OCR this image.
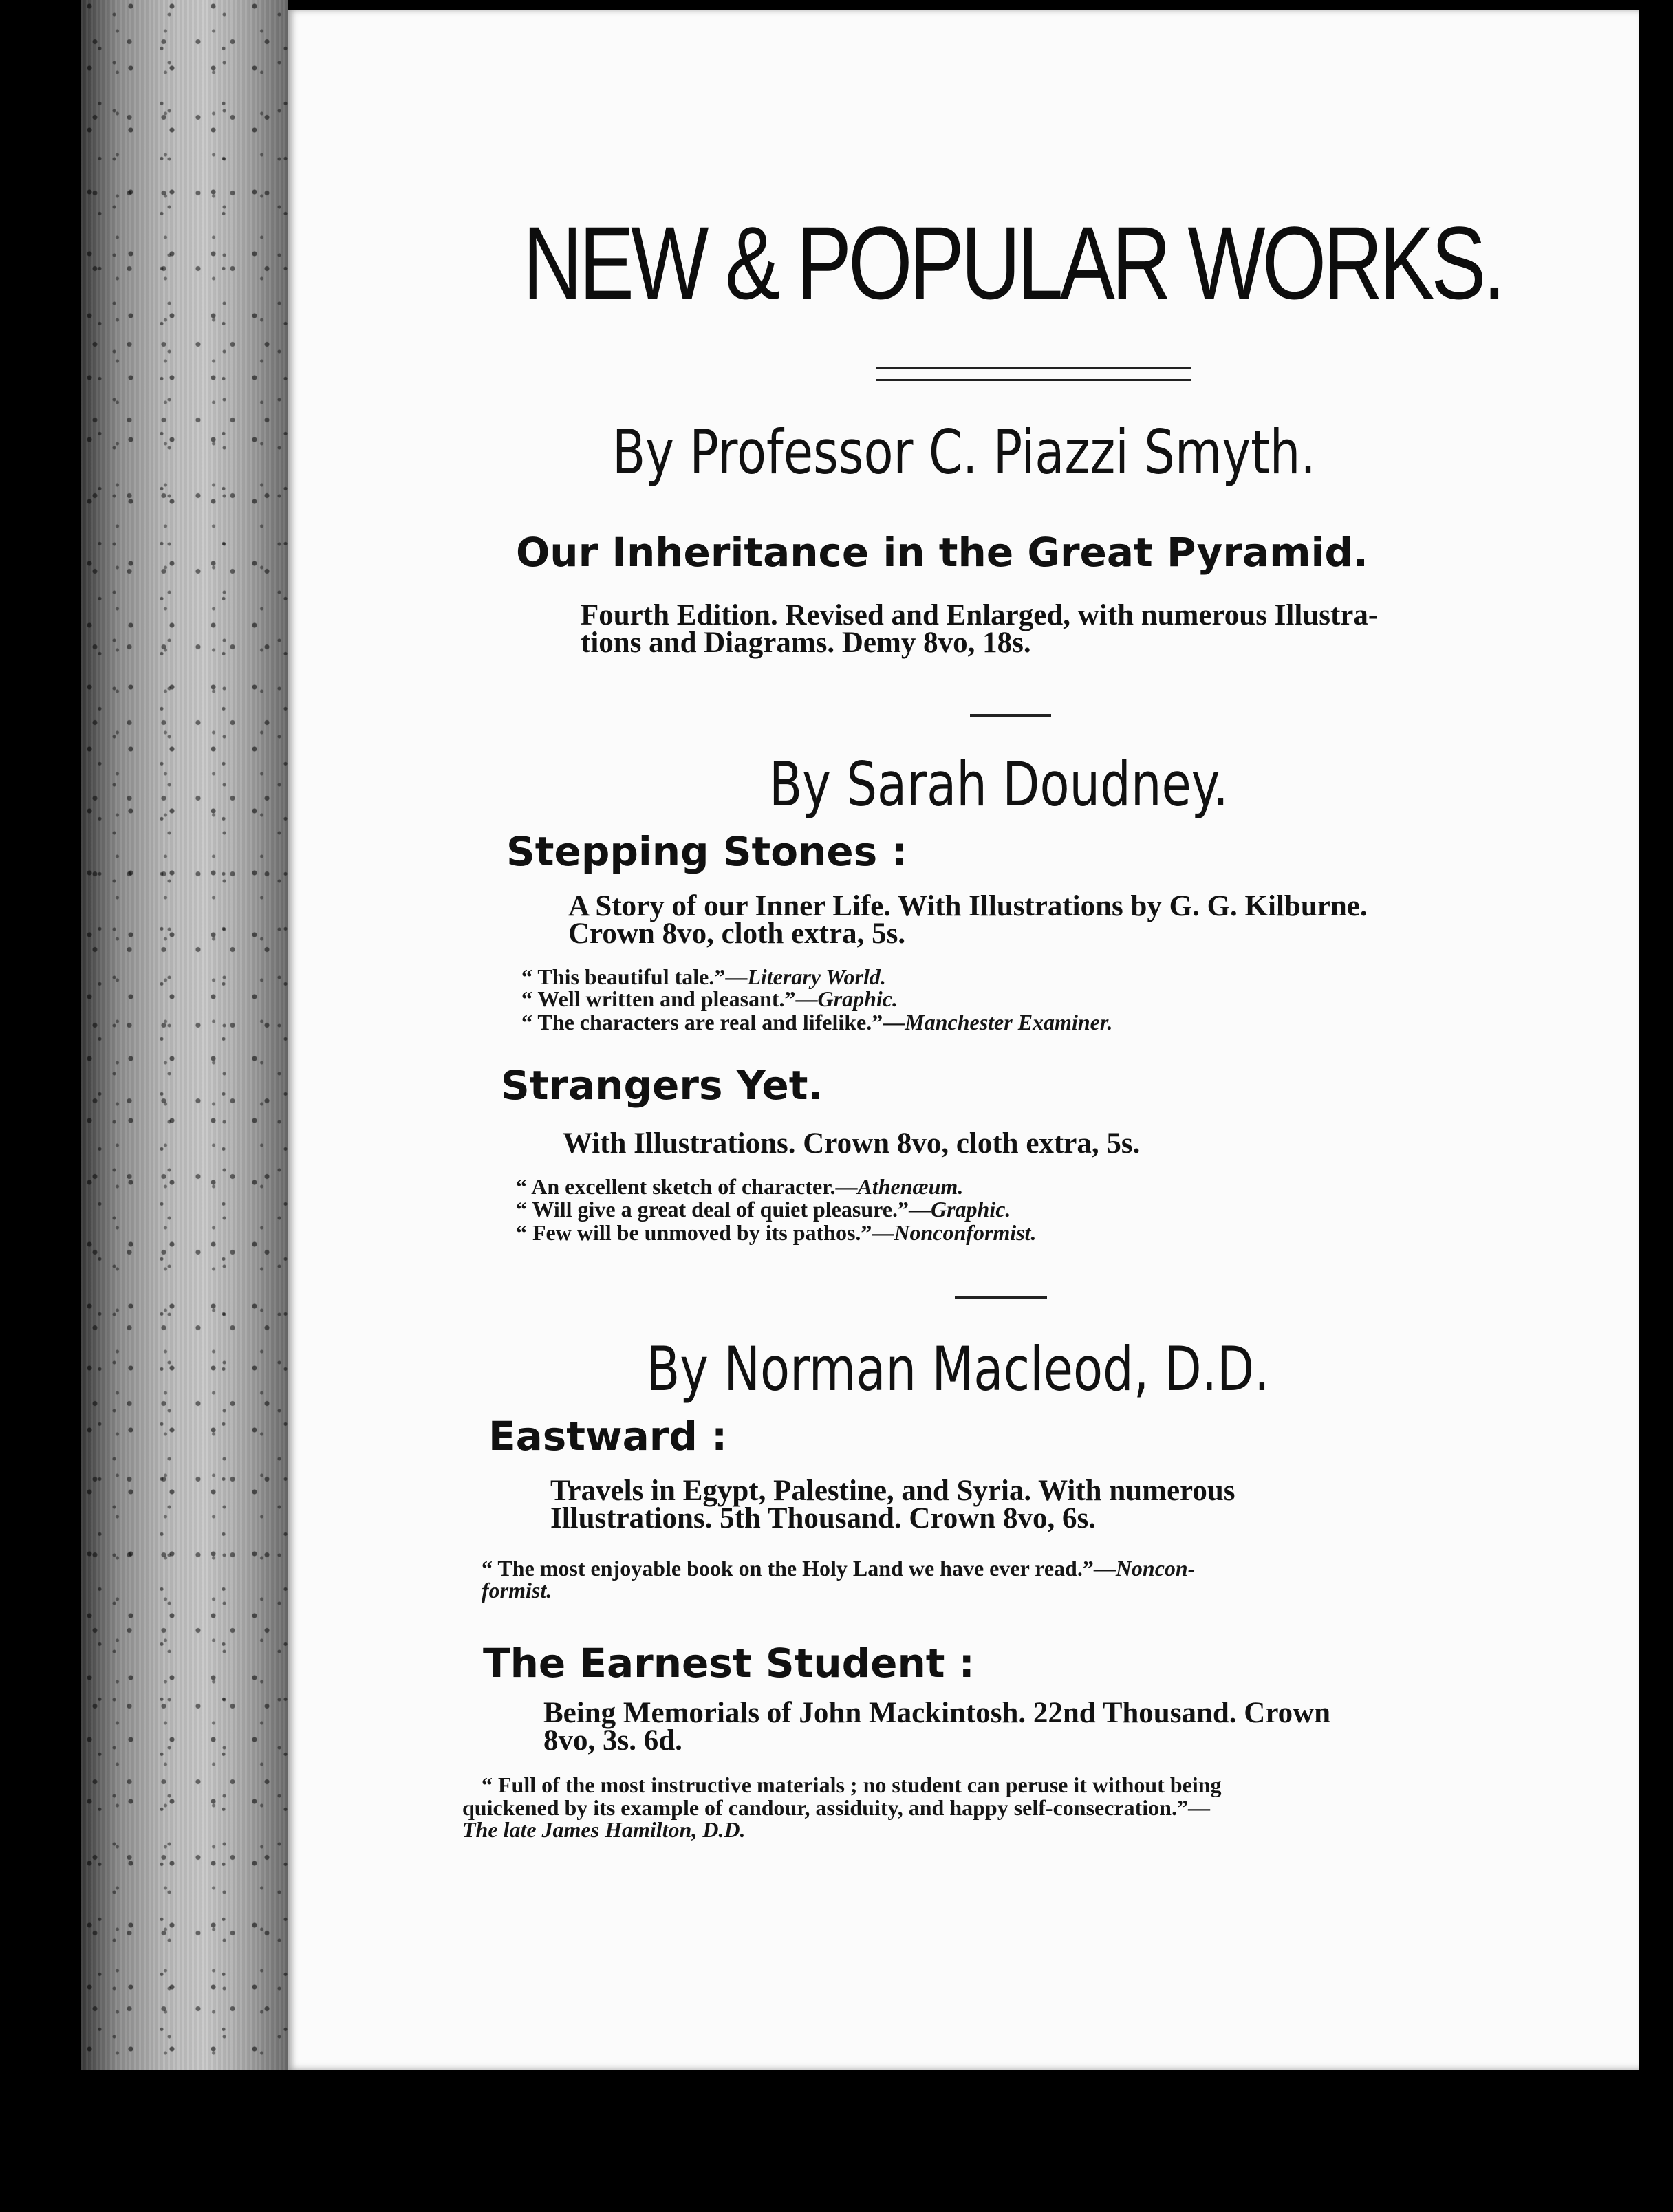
NEW & POPULAR WORKS.
By Professor C. Piazzi Smyth.
Our Inheritance in the Great Pyramid.
Fourth Edition. Revised and Enlarged, with numerous Illustra-
tions and Diagrams. Demy 8vo, 18s.
By Sarah Doudney.
Stepping Stones :
A Story of our Inner Life. With Illustrations by G. G. Kilburne.
Crown 8vo, cloth extra, 5s.
“ This beautiful tale.”—Literary World.
“ Well written and pleasant.”—Graphic.
“ The characters are real and lifelike.”—Manchester Examiner.
Strangers Yet.
With Illustrations. Crown 8vo, cloth extra, 5s.
“ An excellent sketch of character.—Athenæum.
“ Will give a great deal of quiet pleasure.”—Graphic.
“ Few will be unmoved by its pathos.”—Nonconformist.
By Norman Macleod, D.D.
Eastward :
Travels in Egypt, Palestine, and Syria. With numerous
Illustrations. 5th Thousand. Crown 8vo, 6s.
“ The most enjoyable book on the Holy Land we have ever read.”—Noncon-
formist.
The Earnest Student :
Being Memorials of John Mackintosh. 22nd Thousand. Crown
8vo, 3s. 6d.
“ Full of the most instructive materials ; no student can peruse it without being
quickened by its example of candour, assiduity, and happy self-consecration.”—
The late James Hamilton, D.D.
